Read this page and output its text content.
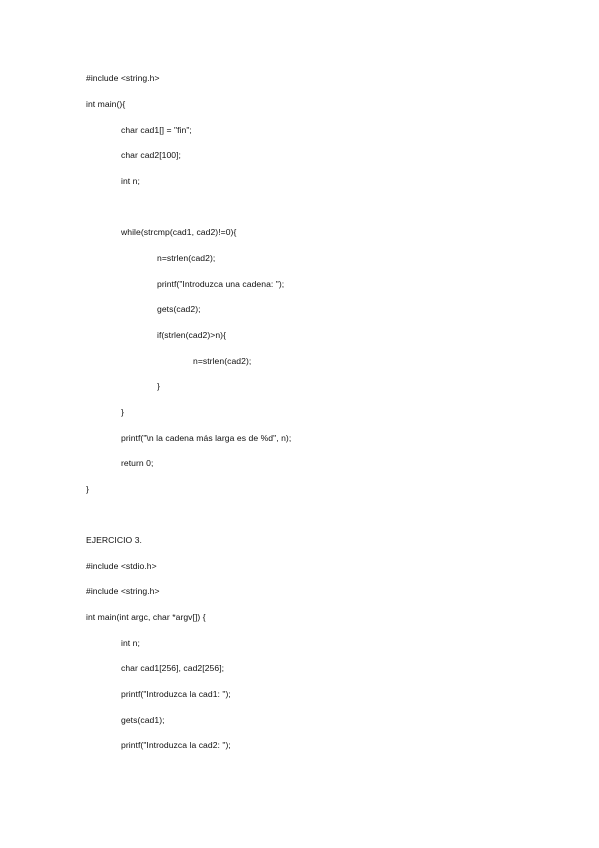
#include <string.h>
int main(){
char cad1[] = "fin";
char cad2[100];
int n;
while(strcmp(cad1, cad2)!=0){
n=strlen(cad2);
printf("Introduzca una cadena: ");
gets(cad2);
if(strlen(cad2)>n){
n=strlen(cad2);
}
}
printf("\n la cadena más larga es de %d", n);
return 0;
}
EJERCICIO 3.
#include <stdio.h>
#include <string.h>
int main(int argc, char *argv[]) {
int n;
char cad1[256], cad2[256];
printf("Introduzca la cad1: ");
gets(cad1);
printf("Introduzca la cad2: ");
